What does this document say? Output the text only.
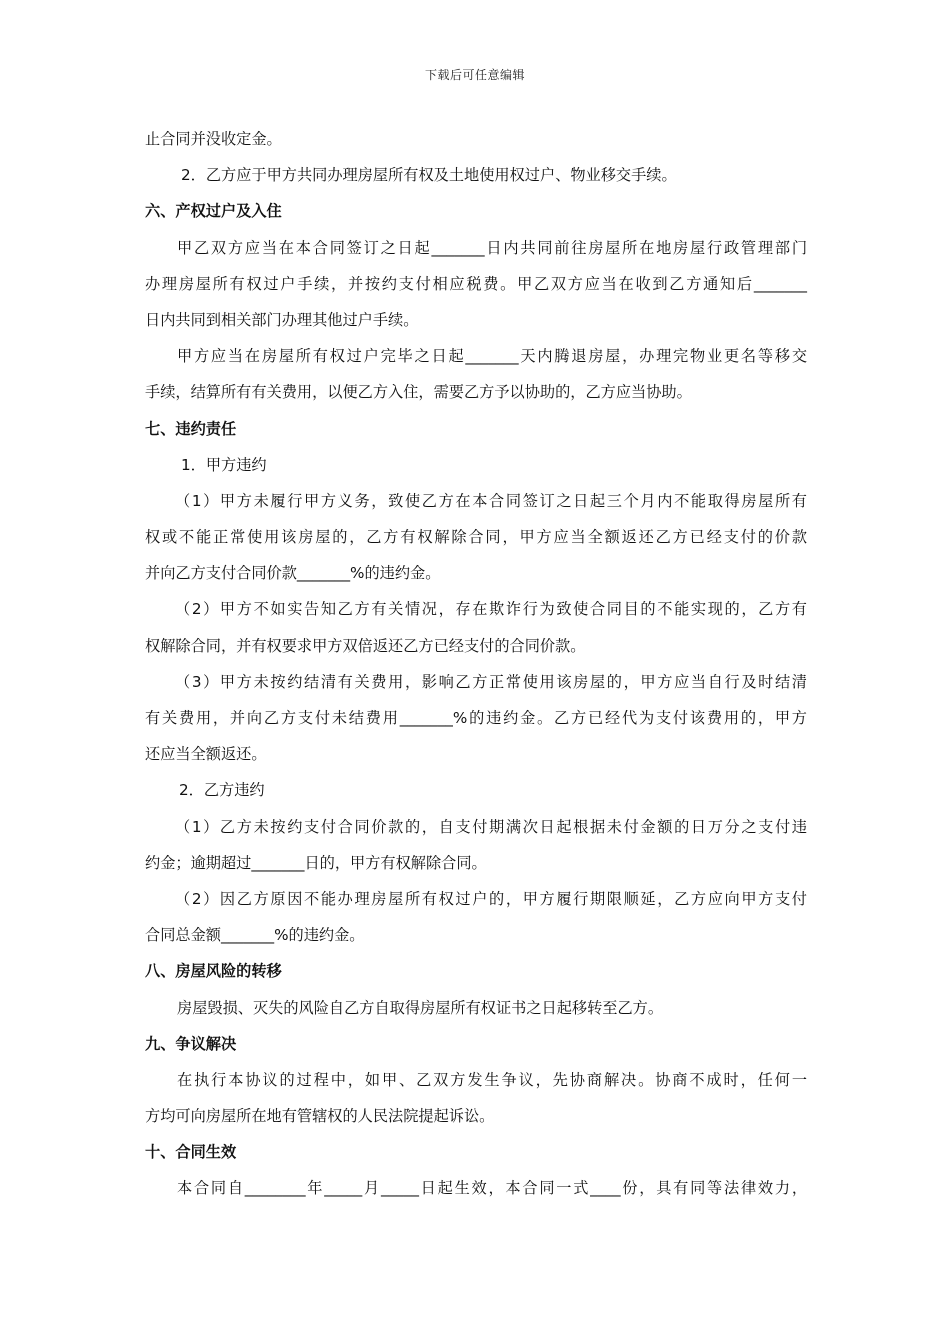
下载后可任意编辑
止合同并没收定金。
2．乙方应于甲方共同办理房屋所有权及土地使用权过户、物业移交手续。
六、产权过户及入住
甲乙双方应当在本合同签订之日起_______日内共同前往房屋所在地房屋行政管理部门
办理房屋所有权过户手续，并按约支付相应税费。甲乙双方应当在收到乙方通知后_______
日内共同到相关部门办理其他过户手续。
甲方应当在房屋所有权过户完毕之日起_______天内腾退房屋，办理完物业更名等移交
手续，结算所有有关费用，以便乙方入住，需要乙方予以协助的，乙方应当协助。
七、违约责任
1．甲方违约
（1）甲方未履行甲方义务，致使乙方在本合同签订之日起三个月内不能取得房屋所有
权或不能正常使用该房屋的，乙方有权解除合同，甲方应当全额返还乙方已经支付的价款
并向乙方支付合同价款_______%的违约金。
（2）甲方不如实告知乙方有关情况，存在欺诈行为致使合同目的不能实现的，乙方有
权解除合同，并有权要求甲方双倍返还乙方已经支付的合同价款。
（3）甲方未按约结清有关费用，影响乙方正常使用该房屋的，甲方应当自行及时结清
有关费用，并向乙方支付未结费用_______%的违约金。乙方已经代为支付该费用的，甲方
还应当全额返还。
2．乙方违约
（1）乙方未按约支付合同价款的，自支付期满次日起根据未付金额的日万分之支付违
约金；逾期超过_______日的，甲方有权解除合同。
（2）因乙方原因不能办理房屋所有权过户的，甲方履行期限顺延，乙方应向甲方支付
合同总金额_______%的违约金。
八、房屋风险的转移
房屋毁损、灭失的风险自乙方自取得房屋所有权证书之日起移转至乙方。
九、争议解决
在执行本协议的过程中，如甲、乙双方发生争议，先协商解决。协商不成时，任何一
方均可向房屋所在地有管辖权的人民法院提起诉讼。
十、合同生效
本合同自________年_____月_____日起生效，本合同一式____份，具有同等法律效力，
